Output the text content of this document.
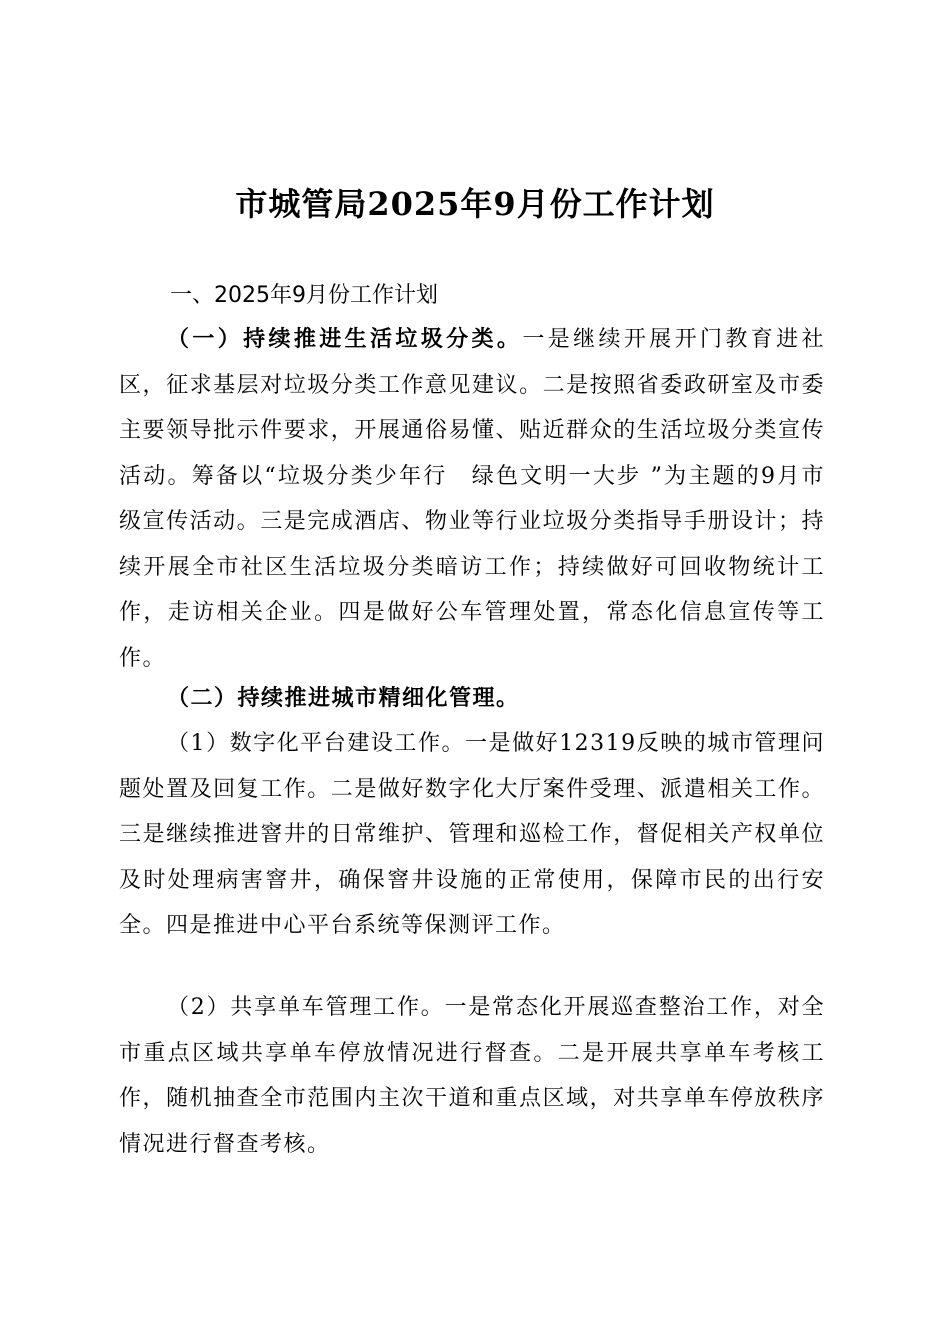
市城管局2025年9月份工作计划
一、2025年9月份工作计划
（一）持续推进生活垃圾分类。一是继续开展开门教育进社区，征求基层对垃圾分类工作意见建议。二是按照省委政研室及市委主要领导批示件要求，开展通俗易懂、贴近群众的生活垃圾分类宣传活动。筹备以“垃圾分类少年行　绿色文明一大步 ”为主题的9月市级宣传活动。三是完成酒店、物业等行业垃圾分类指导手册设计；持续开展全市社区生活垃圾分类暗访工作；持续做好可回收物统计工作，走访相关企业。四是做好公车管理处置，常态化信息宣传等工作。
（二）持续推进城市精细化管理。
（1）数字化平台建设工作。一是做好12319反映的城市管理问题处置及回复工作。二是做好数字化大厅案件受理、派遣相关工作。三是继续推进窨井的日常维护、管理和巡检工作，督促相关产权单位及时处理病害窨井，确保窨井设施的正常使用，保障市民的出行安全。四是推进中心平台系统等保测评工作。
（2）共享单车管理工作。一是常态化开展巡查整治工作，对全市重点区域共享单车停放情况进行督查。二是开展共享单车考核工作，随机抽查全市范围内主次干道和重点区域，对共享单车停放秩序情况进行督查考核。
